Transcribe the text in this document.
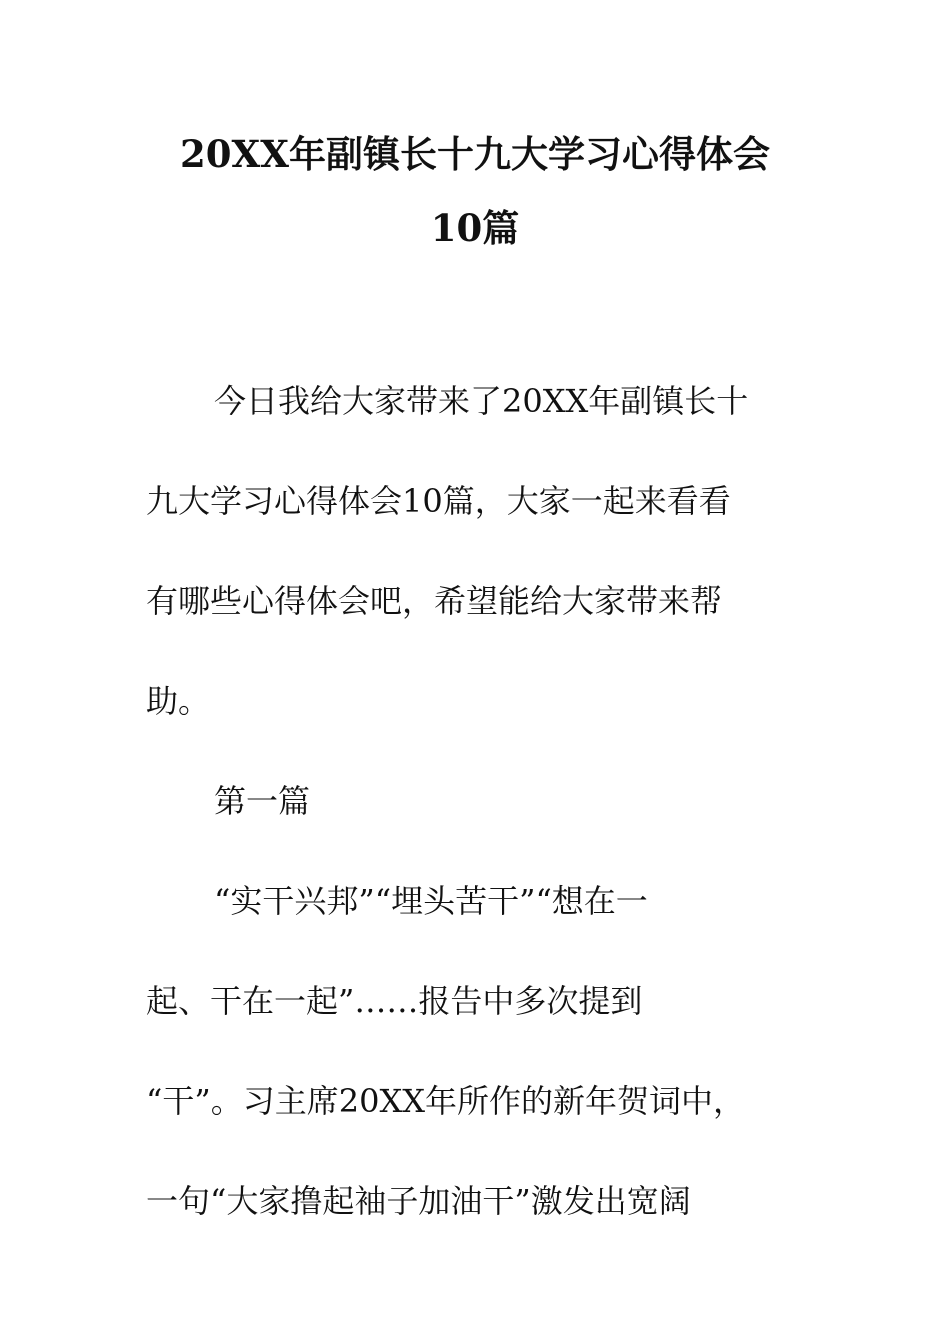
20XX年副镇长十九大学习心得体会
10篇
今日我给大家带来了20XX年副镇长十
九大学习心得体会10篇，大家一起来看看
有哪些心得体会吧，希望能给大家带来帮
助。
第一篇
“实干兴邦”“埋头苦干”“想在一
起、干在一起”……报告中多次提到
“干”。习主席20XX年所作的新年贺词中，
一句“大家撸起袖子加油干”激发出宽阔
